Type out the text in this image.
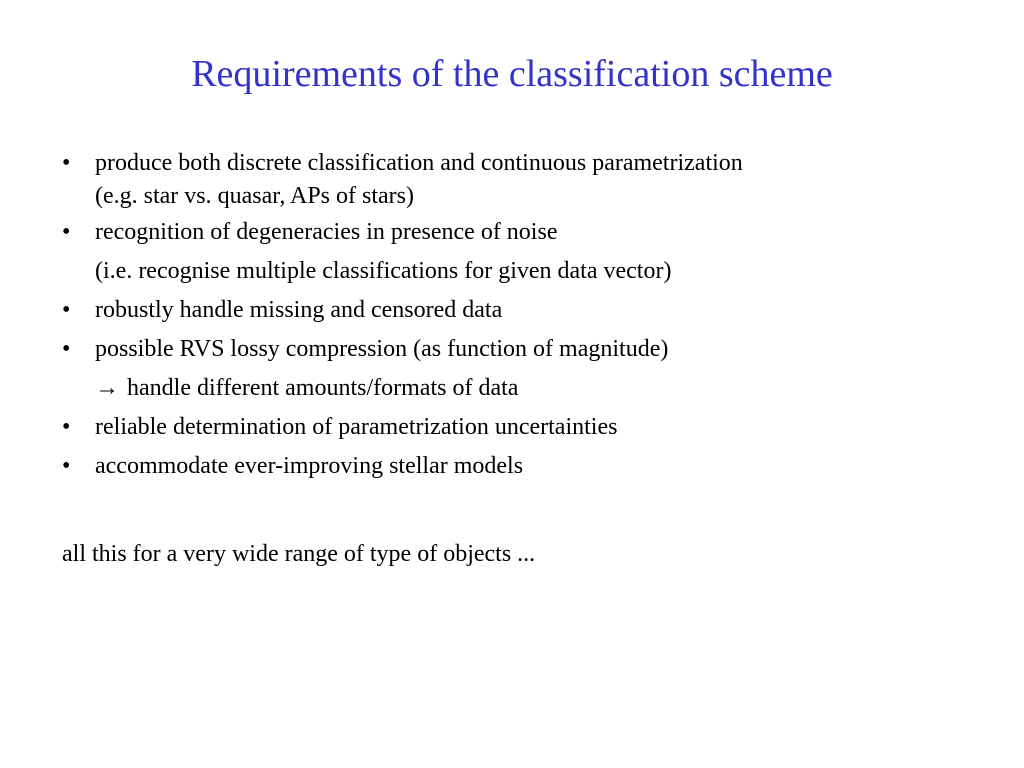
Requirements of the classification scheme
•	produce both discrete classification and continuous parametrization
(e.g. star vs. quasar, APs of stars)
•	recognition of degeneracies in presence of noise
(i.e. recognise multiple classifications for given data vector)
•	robustly handle missing and censored data
•	possible RVS lossy compression (as function of magnitude)
→ handle different amounts/formats of data
•	reliable determination of parametrization uncertainties
•	accommodate ever-improving stellar models
all this for a very wide range of type of objects ...
